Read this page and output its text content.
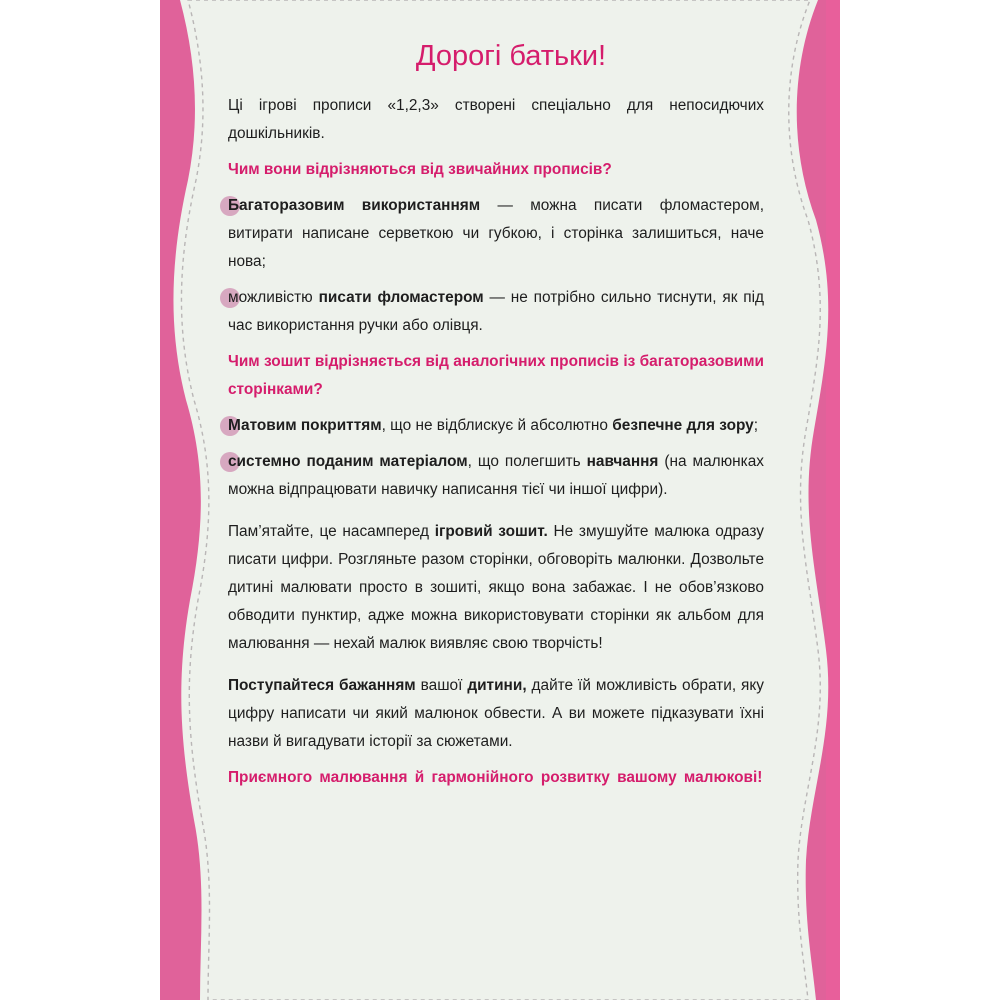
Дорогі батьки!

Ці ігрові прописи «1,2,3» створені спеціально для непосидючих дошкільників.

Чим вони відрізняються від звичайних прописів?

Багаторазовим використанням — можна писати фломастером, витирати написане серветкою чи губкою, і сторінка залишиться, наче нова;

можливістю писати фломастером — не потрібно сильно тиснути, як під час використання ручки або олівця.

Чим зошит відрізняється від аналогічних прописів із багаторазовими сторінками?

Матовим покриттям, що не відблискує й абсолютно безпечне для зору;

системно поданим матеріалом, що полегшить навчання (на малюнках можна відпрацювати навичку написання тієї чи іншої цифри).

Пам’ятайте, це насамперед ігровий зошит. Не змушуйте малюка одразу писати цифри. Розгляньте разом сторінки, обговоріть малюнки. Дозвольте дитині малювати просто в зошиті, якщо вона забажає. І не обов’язково обводити пунктир, адже можна використовувати сторінки як альбом для малювання — нехай малюк виявляє свою творчість!

Поступайтеся бажанням вашої дитини, дайте їй можливість обрати, яку цифру написати чи який малюнок обвести. А ви можете підказувати їхні назви й вигадувати історії за сюжетами.

Приємного малювання й гармонійного розвитку вашому малюкові!
